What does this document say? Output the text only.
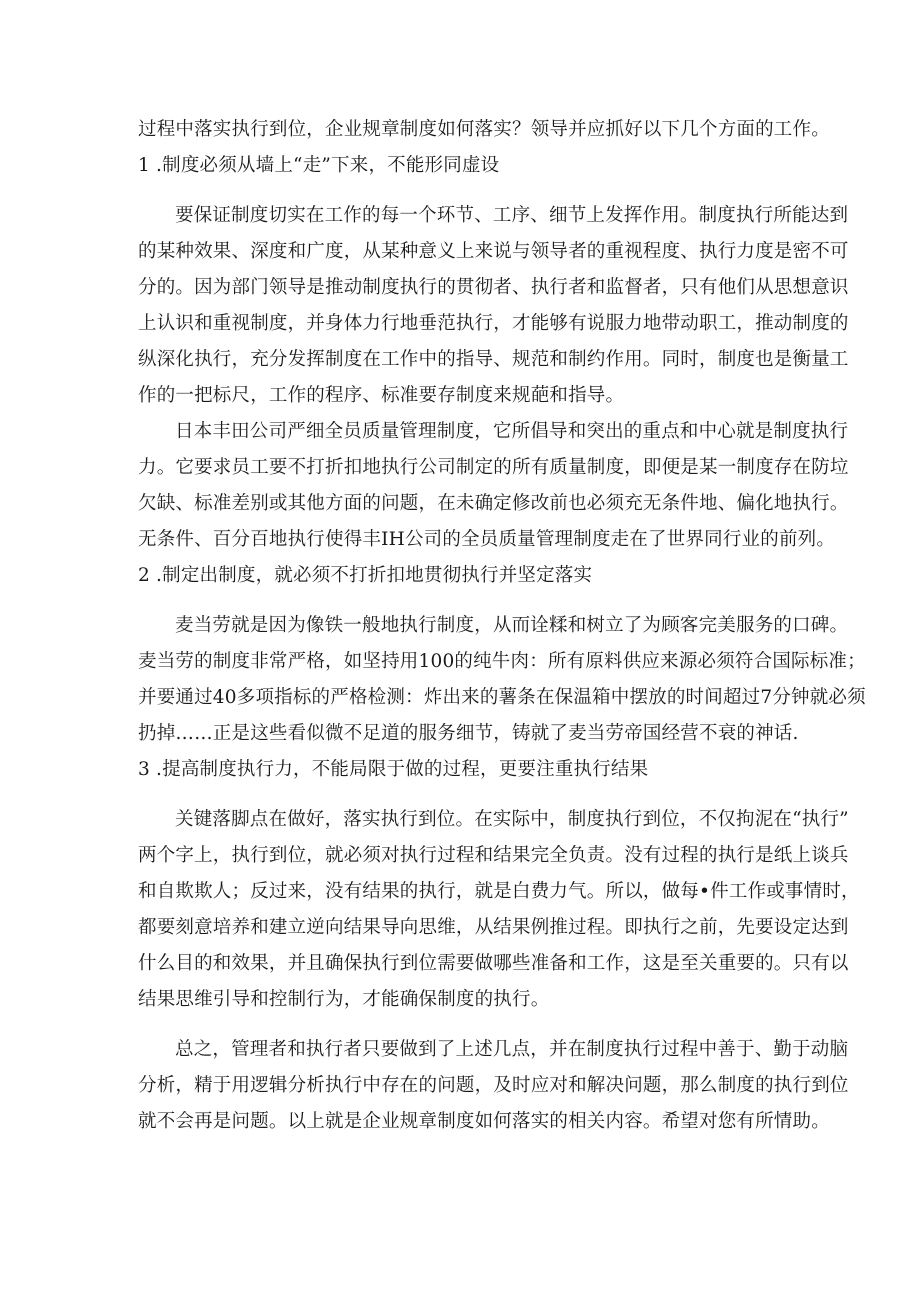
过程中落实执行到位，企业规章制度如何落实？领导并应抓好以下几个方面的工作。
1 .制度必须从墙上“走”下来，不能形同虚设
要保证制度切实在工作的每一个环节、工序、细节上发挥作用。制度执行所能达到
的某种效果、深度和广度，从某种意义上来说与领导者的重视程度、执行力度是密不可
分的。因为部门领导是推动制度执行的贯彻者、执行者和监督者，只有他们从思想意识
上认识和重视制度，并身体力行地垂范执行，才能够有说服力地带动职工，推动制度的
纵深化执行，充分发挥制度在工作中的指导、规范和制约作用。同时，制度也是衡量工
作的一把标尺，工作的程序、标准要存制度来规葩和指导。
日本丰田公司严细全员质量管理制度，它所倡导和突出的重点和中心就是制度执行
力。它要求员工要不打折扣地执行公司制定的所有质量制度，即便是某一制度存在防垃
欠缺、标准差别或其他方面的问题，在未确定修改前也必须充无条件地、偏化地执行。
无条件、百分百地执行使得丰IH公司的全员质量管理制度走在了世界同行业的前列。
2 .制定出制度，就必须不打折扣地贯彻执行并坚定落实
麦当劳就是因为像铁一般地执行制度，从而诠糅和树立了为顾客完美服务的口碑。
麦当劳的制度非常严格，如坚持用100的纯牛肉：所有原料供应来源必须符合国际标准；
并要通过40多项指标的严格检测：炸出来的薯条在保温箱中摆放的时间超过7分钟就必须
扔掉……正是这些看似微不足道的服务细节，铸就了麦当劳帝国经营不衰的神话.
3 .提高制度执行力，不能局限于做的过程，更要注重执行结果
关键落脚点在做好，落实执行到位。在实际中，制度执行到位，不仅拘泥在“执行”
两个字上，执行到位，就必须对执行过程和结果完全负责。没有过程的执行是纸上谈兵
和自欺欺人；反过来，没有结果的执行，就是白费力气。所以，做每•件工作或事情时，
都要刻意培养和建立逆向结果导向思维，从结果例推过程。即执行之前，先要设定达到
什么目的和效果，并且确保执行到位需要做哪些准备和工作，这是至关重要的。只有以
结果思维引导和控制行为，才能确保制度的执行。
总之，管理者和执行者只要做到了上述几点，并在制度执行过程中善于、勤于动脑
分析，精于用逻辑分析执行中存在的问题，及时应对和解决问题，那么制度的执行到位
就不会再是问题。以上就是企业规章制度如何落实的相关内容。希望对您有所情助。
